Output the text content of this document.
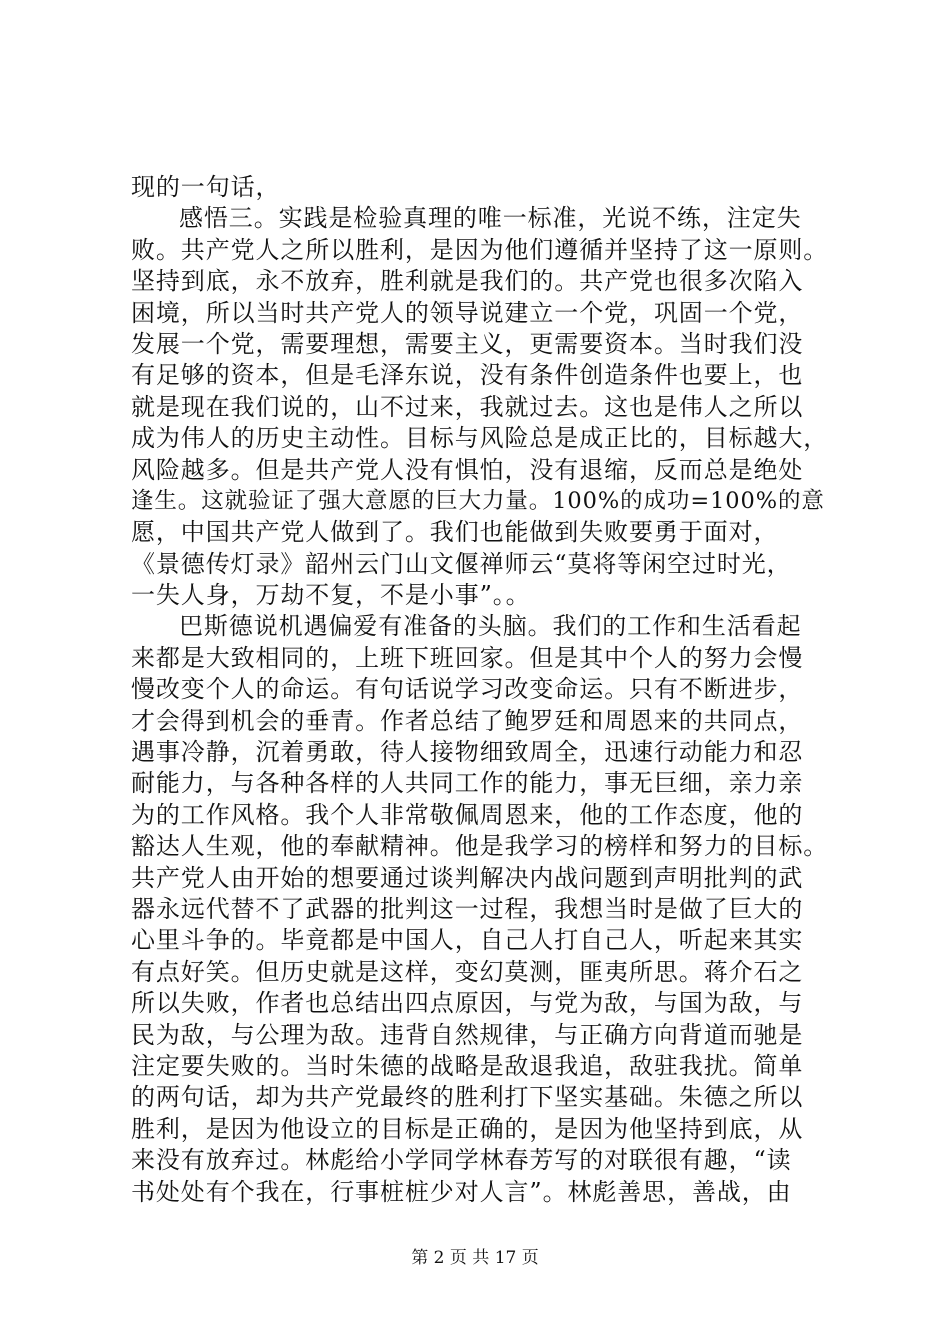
现的一句话，
感悟三。实践是检验真理的唯一标准，光说不练，注定失
败。共产党人之所以胜利，是因为他们遵循并坚持了这一原则。
坚持到底，永不放弃，胜利就是我们的。共产党也很多次陷入
困境，所以当时共产党人的领导说建立一个党，巩固一个党，
发展一个党，需要理想，需要主义，更需要资本。当时我们没
有足够的资本，但是毛泽东说，没有条件创造条件也要上，也
就是现在我们说的，山不过来，我就过去。这也是伟人之所以
成为伟人的历史主动性。目标与风险总是成正比的，目标越大，
风险越多。但是共产党人没有惧怕，没有退缩，反而总是绝处
逢生。这就验证了强大意愿的巨大力量。100%的成功=100%的意
愿，中国共产党人做到了。我们也能做到失败要勇于面对，
《景德传灯录》韶州云门山文偃禅师云“莫将等闲空过时光，
一失人身，万劫不复，不是小事”。。
巴斯德说机遇偏爱有准备的头脑。我们的工作和生活看起
来都是大致相同的，上班下班回家。但是其中个人的努力会慢
慢改变个人的命运。有句话说学习改变命运。只有不断进步，
才会得到机会的垂青。作者总结了鲍罗廷和周恩来的共同点，
遇事冷静，沉着勇敢，待人接物细致周全，迅速行动能力和忍
耐能力，与各种各样的人共同工作的能力，事无巨细，亲力亲
为的工作风格。我个人非常敬佩周恩来，他的工作态度，他的
豁达人生观，他的奉献精神。他是我学习的榜样和努力的目标。
共产党人由开始的想要通过谈判解决内战问题到声明批判的武
器永远代替不了武器的批判这一过程，我想当时是做了巨大的
心里斗争的。毕竟都是中国人，自己人打自己人，听起来其实
有点好笑。但历史就是这样，变幻莫测，匪夷所思。蒋介石之
所以失败，作者也总结出四点原因，与党为敌，与国为敌，与
民为敌，与公理为敌。违背自然规律，与正确方向背道而驰是
注定要失败的。当时朱德的战略是敌退我追，敌驻我扰。简单
的两句话，却为共产党最终的胜利打下坚实基础。朱德之所以
胜利，是因为他设立的目标是正确的，是因为他坚持到底，从
来没有放弃过。林彪给小学同学林春芳写的对联很有趣，“读
书处处有个我在，行事桩桩少对人言”。林彪善思，善战，由
第 2 页 共 17 页
